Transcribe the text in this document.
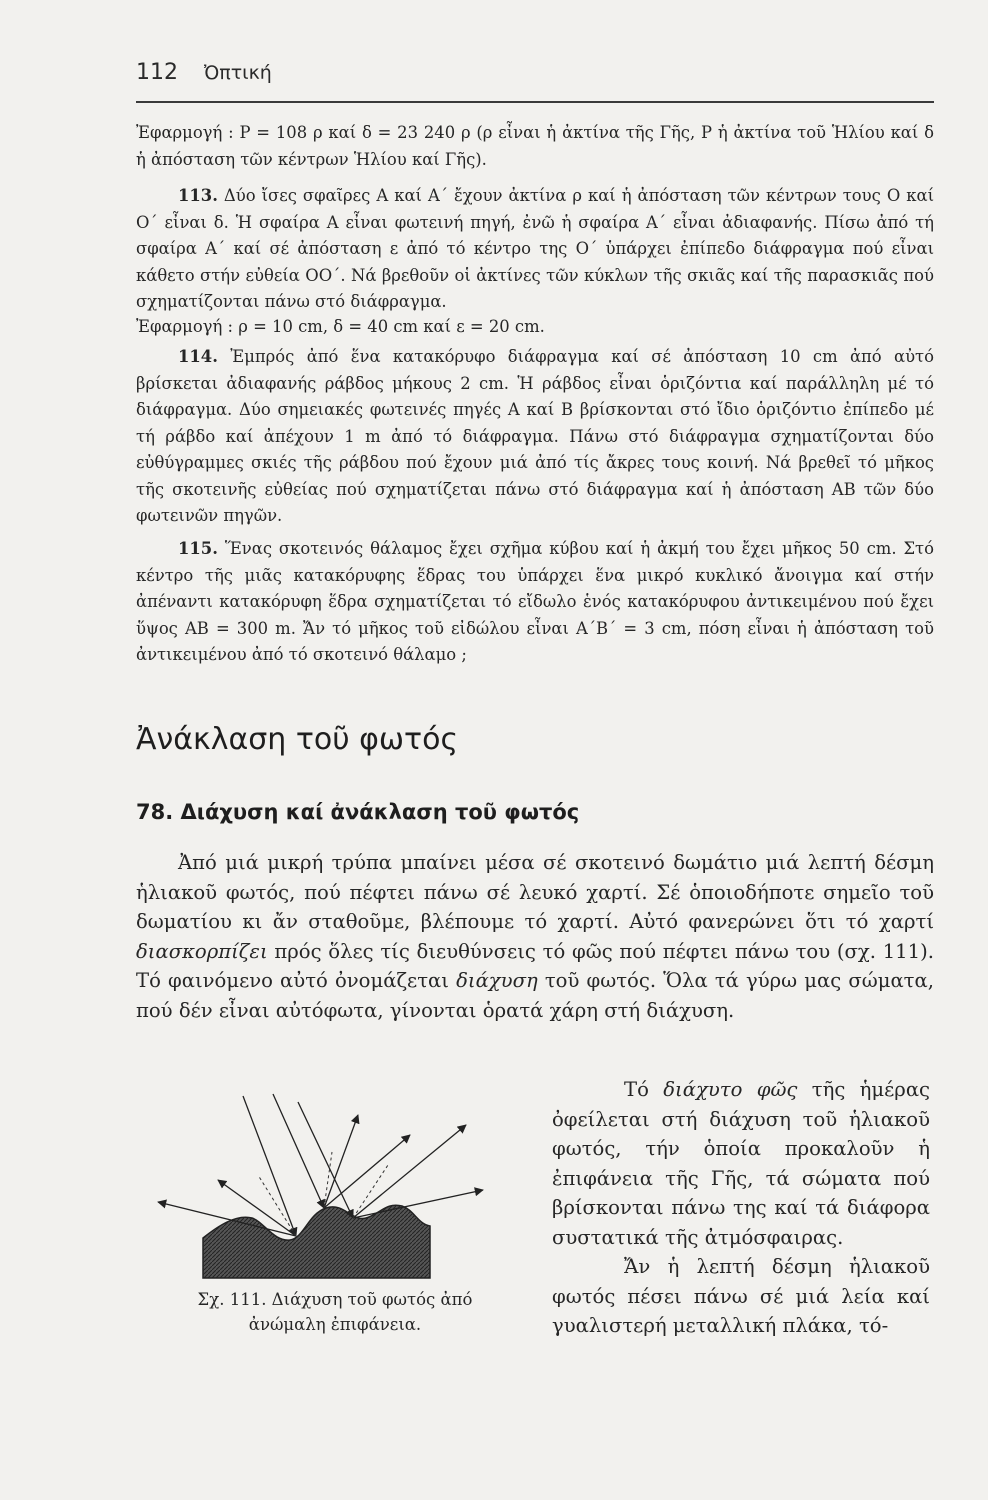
112 Ὀπτική

Ἐφαρμογή : P = 108 ρ καί δ = 23 240 ρ (ρ εἶναι ἡ ἀκτίνα τῆς Γῆς, P ἡ ἀκτίνα τοῦ Ἡλίου καί δ ἡ ἀπόσταση τῶν κέντρων Ἡλίου καί Γῆς).

113. Δύο ἴσες σφαῖρες Α καί Α΄ ἔχουν ἀκτίνα ρ καί ἡ ἀπόσταση τῶν κέντρων τους Ο καί Ο΄ εἶναι δ. Ἡ σφαίρα Α εἶναι φωτεινή πηγή, ἐνῶ ἡ σφαίρα Α΄ εἶναι ἀδιαφανής. Πίσω ἀπό τή σφαίρα Α΄ καί σέ ἀπόσταση ε ἀπό τό κέντρο της Ο΄ ὑπάρχει ἐπίπεδο διάφραγμα πού εἶναι κάθετο στήν εὐθεία ΟΟ΄. Νά βρεθοῦν οἱ ἀκτίνες τῶν κύκλων τῆς σκιᾶς καί τῆς παρασκιᾶς πού σχηματίζονται πάνω στό διάφραγμα.

Ἐφαρμογή : ρ = 10 cm, δ = 40 cm καί ε = 20 cm.

114. Ἐμπρός ἀπό ἕνα κατακόρυφο διάφραγμα καί σέ ἀπόσταση 10 cm ἀπό αὐτό βρίσκεται ἀδιαφανής ράβδος μήκους 2 cm. Ἡ ράβδος εἶναι ὁριζόντια καί παράλληλη μέ τό διάφραγμα. Δύο σημειακές φωτεινές πηγές Α καί Β βρίσκονται στό ἴδιο ὁριζόντιο ἐπίπεδο μέ τή ράβδο καί ἀπέχουν 1 m ἀπό τό διάφραγμα. Πάνω στό διάφραγμα σχηματίζονται δύο εὐθύγραμμες σκιές τῆς ράβδου πού ἔχουν μιά ἀπό τίς ἄκρες τους κοινή. Νά βρεθεῖ τό μῆκος τῆς σκοτεινῆς εὐθείας πού σχηματίζεται πάνω στό διάφραγμα καί ἡ ἀπόσταση ΑΒ τῶν δύο φωτεινῶν πηγῶν.

115. Ἕνας σκοτεινός θάλαμος ἔχει σχῆμα κύβου καί ἡ ἀκμή του ἔχει μῆκος 50 cm. Στό κέντρο τῆς μιᾶς κατακόρυφης ἕδρας του ὑπάρχει ἕνα μικρό κυκλικό ἄνοιγμα καί στήν ἀπέναντι κατακόρυφη ἕδρα σχηματίζεται τό εἴδωλο ἑνός κατακόρυφου ἀντικειμένου πού ἔχει ὕψος ΑΒ = 300 m. Ἄν τό μῆκος τοῦ εἰδώλου εἶναι Α΄Β΄ = 3 cm, πόση εἶναι ἡ ἀπόσταση τοῦ ἀντικειμένου ἀπό τό σκοτεινό θάλαμο ;

Ἀνάκλαση τοῦ φωτός
78. Διάχυση καί ἀνάκλαση τοῦ φωτός

Ἀπό μιά μικρή τρύπα μπαίνει μέσα σέ σκοτεινό δωμάτιο μιά λεπτή δέσμη ἡλιακοῦ φωτός, πού πέφτει πάνω σέ λευκό χαρτί. Σέ ὁποιοδήποτε σημεῖο τοῦ δωματίου κι ἄν σταθοῦμε, βλέπουμε τό χαρτί. Αὐτό φανερώνει ὅτι τό χαρτί διασκορπίζει πρός ὅλες τίς διευθύνσεις τό φῶς πού πέφτει πάνω του (σχ. 111). Τό φαινόμενο αὐτό ὀνομάζεται διάχυση τοῦ φωτός. Ὅλα τά γύρω μας σώματα, πού δέν εἶναι αὐτόφωτα, γίνονται ὁρατά χάρη στή διάχυση.

Τό διάχυτο φῶς τῆς ἡμέρας ὀφείλεται στή διάχυση τοῦ ἡλιακοῦ φωτός, τήν ὁποία προκαλοῦν ἡ ἐπιφάνεια τῆς Γῆς, τά σώματα πού βρίσκονται πάνω της καί τά διάφορα συστατικά τῆς ἀτμόσφαιρας.

Ἄν ἡ λεπτή δέσμη ἡλιακοῦ φωτός πέσει πάνω σέ μιά λεία καί γυαλιστερή μεταλλική πλάκα, τό-

Σχ. 111. Διάχυση τοῦ φωτός ἀπό ἀνώμαλη ἐπιφάνεια.
